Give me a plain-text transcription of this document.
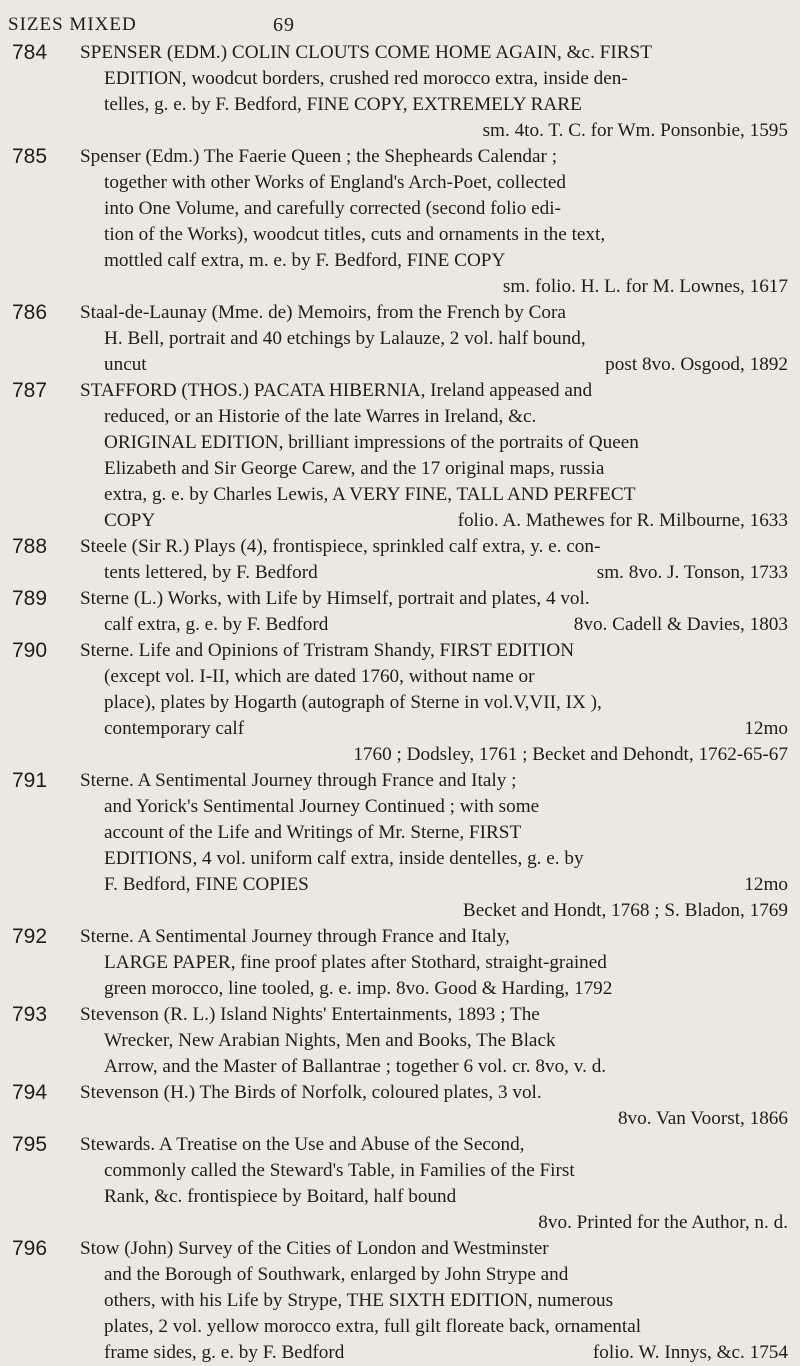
SIZES MIXED	69
784 SPENSER (EDM.) COLIN CLOUTS COME HOME AGAIN, &c. FIRST
EDITION, woodcut borders, crushed red morocco extra, inside den-
telles, g. e. by F. Bedford, FINE COPY, EXTREMELY RARE
sm. 4to. T. C. for Wm. Ponsonbie, 1595
785 Spenser (Edm.) The Faerie Queen ; the Shepheards Calendar ;
together with other Works of England's Arch-Poet, collected
into One Volume, and carefully corrected (second folio edi-
tion of the Works), woodcut titles, cuts and ornaments in the text,
mottled calf extra, m. e. by F. Bedford, FINE COPY
sm. folio. H. L. for M. Lownes, 1617
786 Staal-de-Launay (Mme. de) Memoirs, from the French by Cora
H. Bell, portrait and 40 etchings by Lalauze, 2 vol. half bound,
uncut	post 8vo. Osgood, 1892
787 STAFFORD (THOS.) PACATA HIBERNIA, Ireland appeased and
reduced, or an Historie of the late Warres in Ireland, &c.
ORIGINAL EDITION, brilliant impressions of the portraits of Queen
Elizabeth and Sir George Carew, and the 17 original maps, russia
extra, g. e. by Charles Lewis, A VERY FINE, TALL AND PERFECT
COPY	folio. A. Mathewes for R. Milbourne, 1633
788 Steele (Sir R.) Plays (4), frontispiece, sprinkled calf extra, y. e. con-
tents lettered, by F. Bedford	sm. 8vo. J. Tonson, 1733
789 Sterne (L.) Works, with Life by Himself, portrait and plates, 4 vol.
calf extra, g. e. by F. Bedford	8vo. Cadell & Davies, 1803
790 Sterne. Life and Opinions of Tristram Shandy, FIRST EDITION
(except vol. I-II, which are dated 1760, without name or
place), plates by Hogarth (autograph of Sterne in vol.V,VII, IX ),
contemporary calf	12mo
1760 ; Dodsley, 1761 ; Becket and Dehondt, 1762-65-67
791 Sterne. A Sentimental Journey through France and Italy ;
and Yorick's Sentimental Journey Continued ; with some
account of the Life and Writings of Mr. Sterne, FIRST
EDITIONS, 4 vol. uniform calf extra, inside dentelles, g. e. by
F. Bedford, FINE COPIES	12mo
Becket and Hondt, 1768 ; S. Bladon, 1769
792 Sterne. A Sentimental Journey through France and Italy,
LARGE PAPER, fine proof plates after Stothard, straight-grained
green morocco, line tooled, g. e. imp. 8vo. Good & Harding, 1792
793 Stevenson (R. L.) Island Nights' Entertainments, 1893 ; The
Wrecker, New Arabian Nights, Men and Books, The Black
Arrow, and the Master of Ballantrae ; together 6 vol. cr. 8vo, v. d.
794 Stevenson (H.) The Birds of Norfolk, coloured plates, 3 vol.
8vo. Van Voorst, 1866
795 Stewards. A Treatise on the Use and Abuse of the Second,
commonly called the Steward's Table, in Families of the First
Rank, &c. frontispiece by Boitard, half bound
8vo. Printed for the Author, n. d.
796 Stow (John) Survey of the Cities of London and Westminster
and the Borough of Southwark, enlarged by John Strype and
others, with his Life by Strype, THE SIXTH EDITION, numerous
plates, 2 vol. yellow morocco extra, full gilt floreate back, ornamental
frame sides, g. e. by F. Bedford	folio. W. Innys, &c. 1754
